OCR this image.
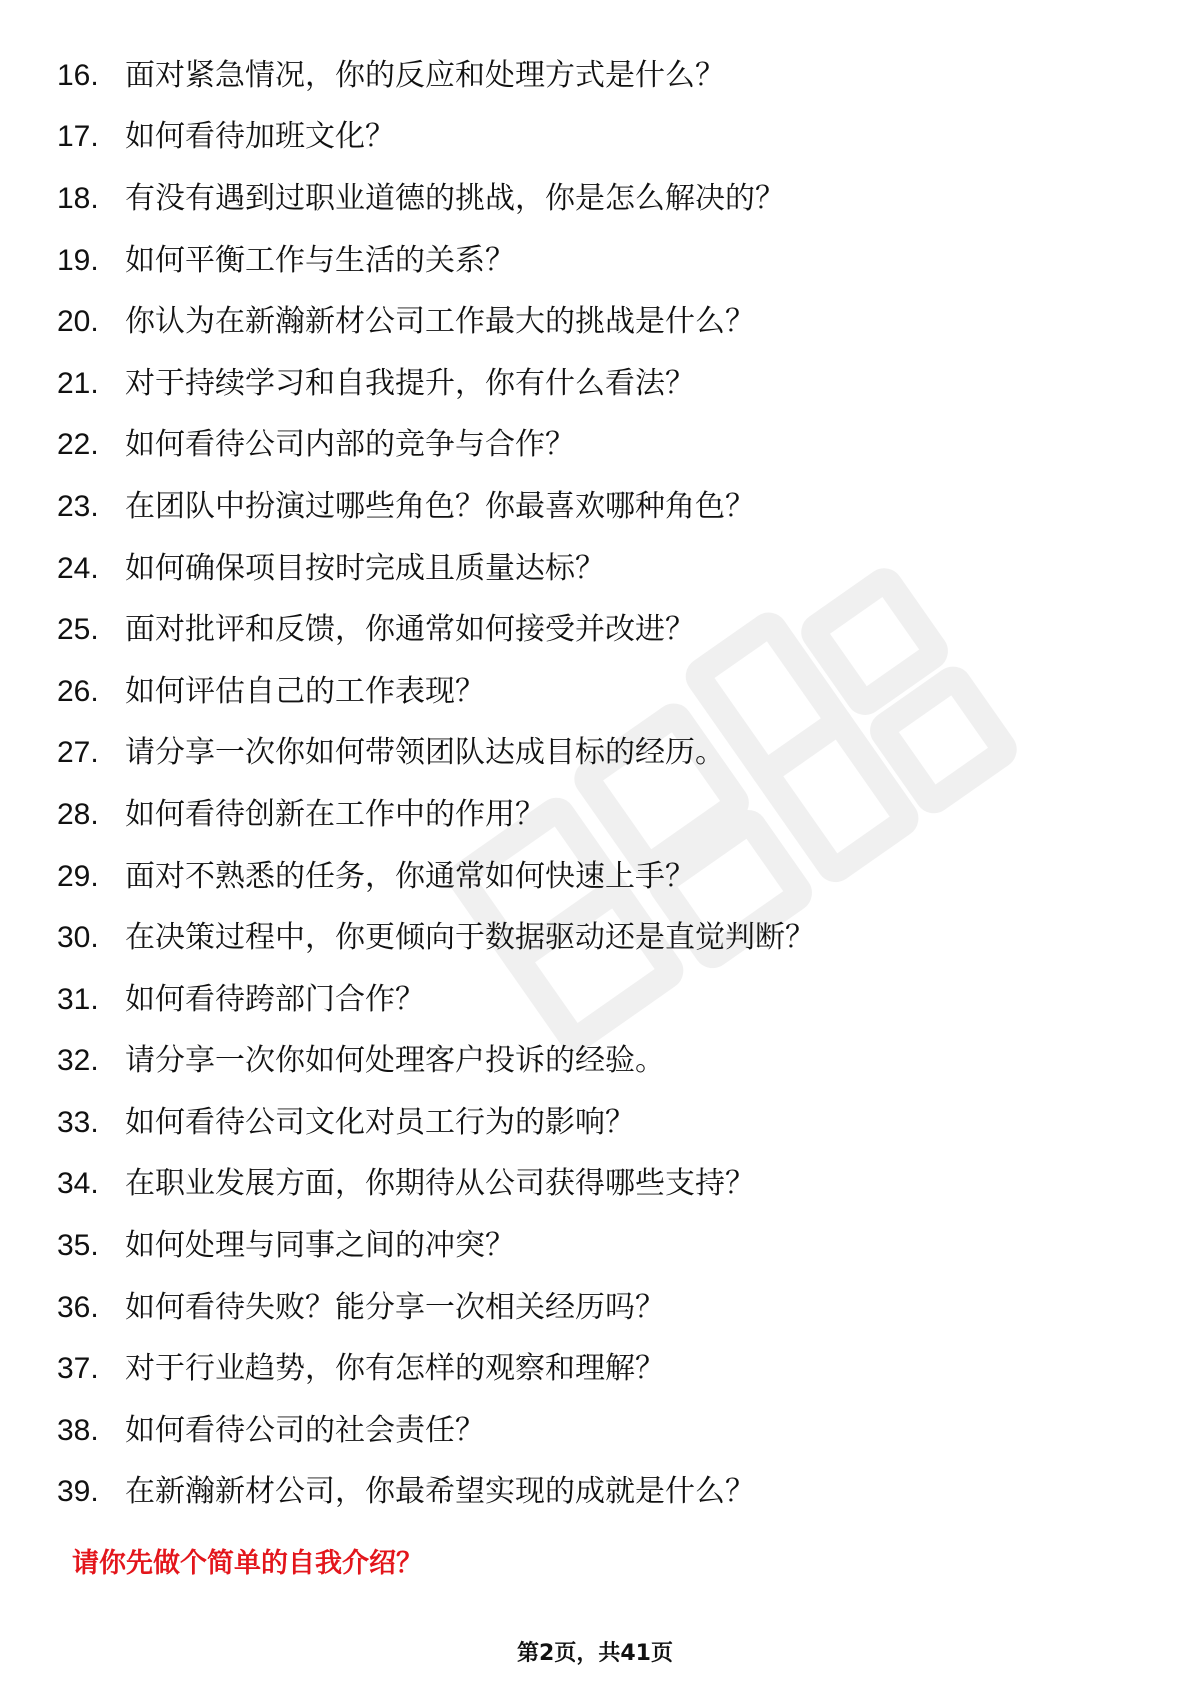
16. 面对紧急情况，你的反应和处理方式是什么？
17. 如何看待加班文化？
18. 有没有遇到过职业道德的挑战，你是怎么解决的？
19. 如何平衡工作与生活的关系？
20. 你认为在新瀚新材公司工作最大的挑战是什么？
21. 对于持续学习和自我提升，你有什么看法？
22. 如何看待公司内部的竞争与合作？
23. 在团队中扮演过哪些角色？你最喜欢哪种角色？
24. 如何确保项目按时完成且质量达标？
25. 面对批评和反馈，你通常如何接受并改进？
26. 如何评估自己的工作表现？
27. 请分享一次你如何带领团队达成目标的经历。
28. 如何看待创新在工作中的作用？
29. 面对不熟悉的任务，你通常如何快速上手？
30. 在决策过程中，你更倾向于数据驱动还是直觉判断？
31. 如何看待跨部门合作？
32. 请分享一次你如何处理客户投诉的经验。
33. 如何看待公司文化对员工行为的影响？
34. 在职业发展方面，你期待从公司获得哪些支持？
35. 如何处理与同事之间的冲突？
36. 如何看待失败？能分享一次相关经历吗？
37. 对于行业趋势，你有怎样的观察和理解？
38. 如何看待公司的社会责任？
39. 在新瀚新材公司，你最希望实现的成就是什么？
请你先做个简单的自我介绍？
第2页，共41页
